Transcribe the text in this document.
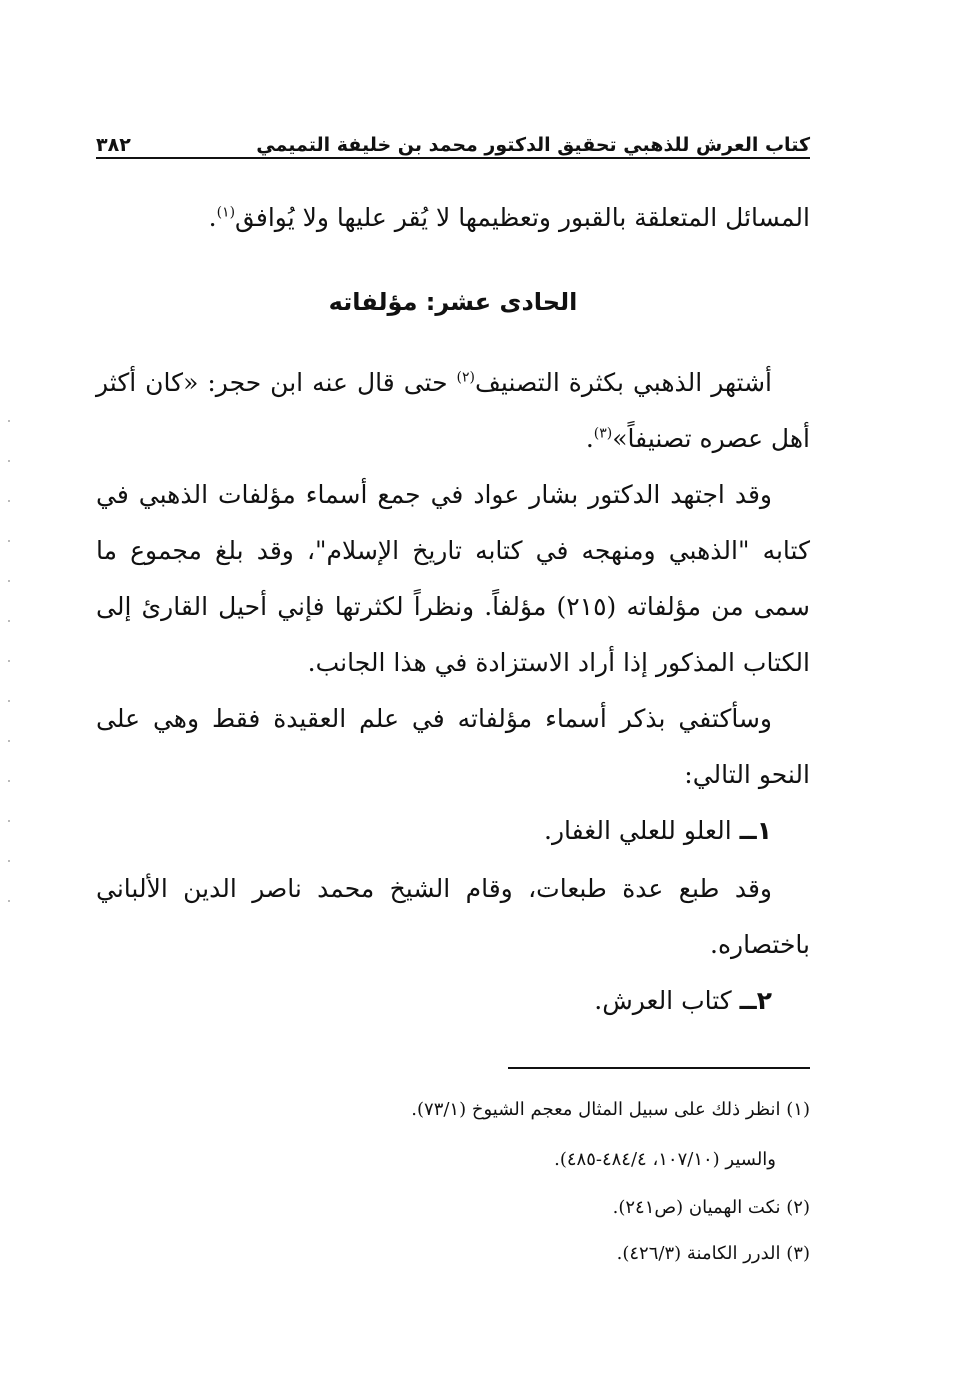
كتاب العرش للذهبي تحقيق الدكتور محمد بن خليفة التميمي
٣٨٢
المسائل المتعلقة بالقبور وتعظيمها لا يُقر عليها ولا يُوافق$^{(١)}$.
الحادى عشر: مؤلفاته
أشتهر الذهبي بكثرة التصنيف$^{(٢)}$ حتى قال عنه ابن حجر: «كان أكثر أهل عصره تصنيفاً»$^{(٣)}$.
وقد اجتهد الدكتور بشار عواد في جمع أسماء مؤلفات الذهبي في كتابه "الذهبي ومنهجه في كتابه تاريخ الإسلام"، وقد بلغ مجموع ما سمى من مؤلفاته (٢١٥) مؤلفاً. ونظراً لكثرتها فإني أحيل القارئ إلى الكتاب المذكور إذا أراد الاستزادة في هذا الجانب.
وسأكتفي بذكر أسماء مؤلفاته في علم العقيدة فقط وهي على النحو التالي:
١ــ العلو للعلي الغفار.
وقد طبع عدة طبعات، وقام الشيخ محمد ناصر الدين الألباني باختصاره.
٢ــ كتاب العرش.
(١) انظر ذلك على سبيل المثال معجم الشيوخ (٧٣/١).
والسير (١٠٧/١٠، ٤٨٤/٤-٤٨٥).
(٢) نكت الهميان (ص٢٤١).
(٣) الدرر الكامنة (٤٢٦/٣).
